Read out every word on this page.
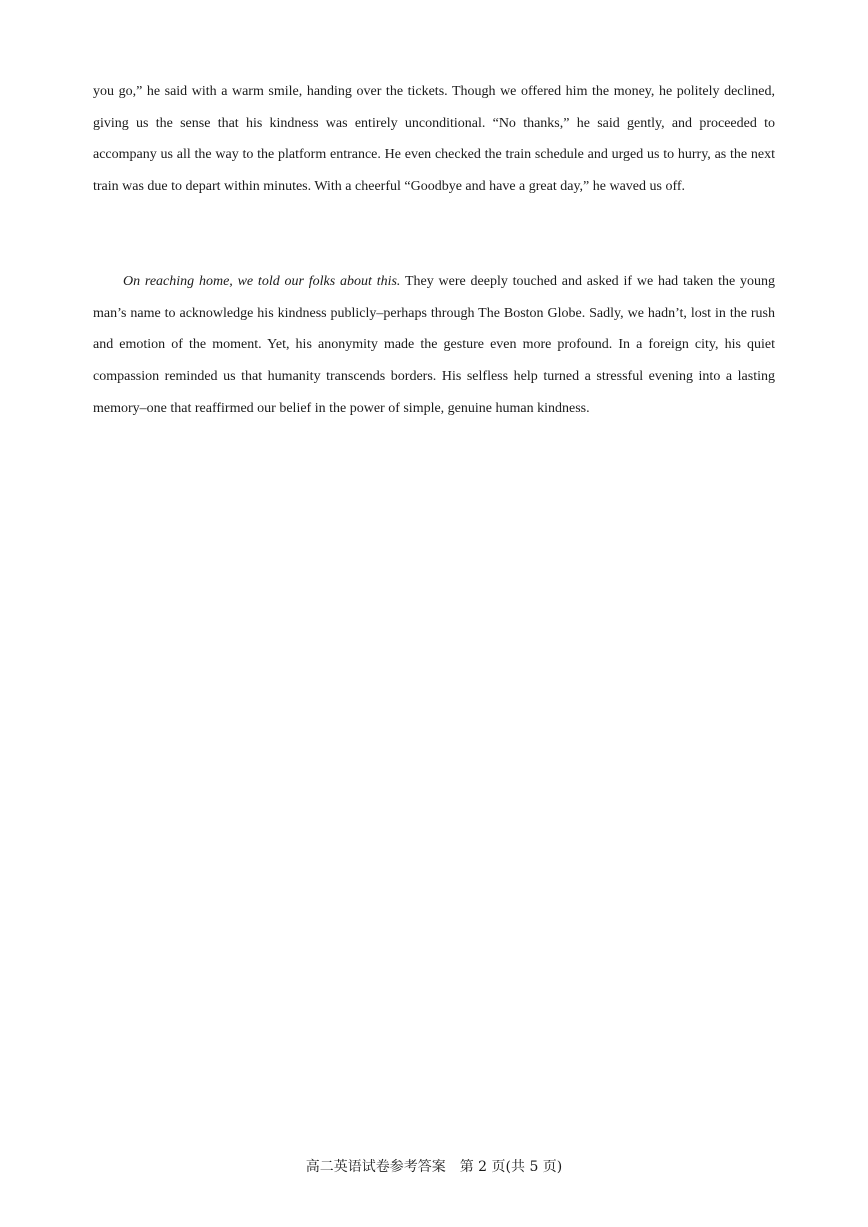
you go,” he said with a warm smile, handing over the tickets. Though we offered him the money, he politely declined, giving us the sense that his kindness was entirely unconditional. “No thanks,” he said gently, and proceeded to accompany us all the way to the platform entrance. He even checked the train schedule and urged us to hurry, as the next train was due to depart within minutes. With a cheerful “Goodbye and have a great day,” he waved us off.

On reaching home, we told our folks about this. They were deeply touched and asked if we had taken the young man’s name to acknowledge his kindness publicly–perhaps through The Boston Globe. Sadly, we hadn’t, lost in the rush and emotion of the moment. Yet, his anonymity made the gesture even more profound. In a foreign city, his quiet compassion reminded us that humanity transcends borders. His selfless help turned a stressful evening into a lasting memory–one that reaffirmed our belief in the power of simple, genuine human kindness.

高二英语试卷参考答案　第 2 页(共 5 页)
